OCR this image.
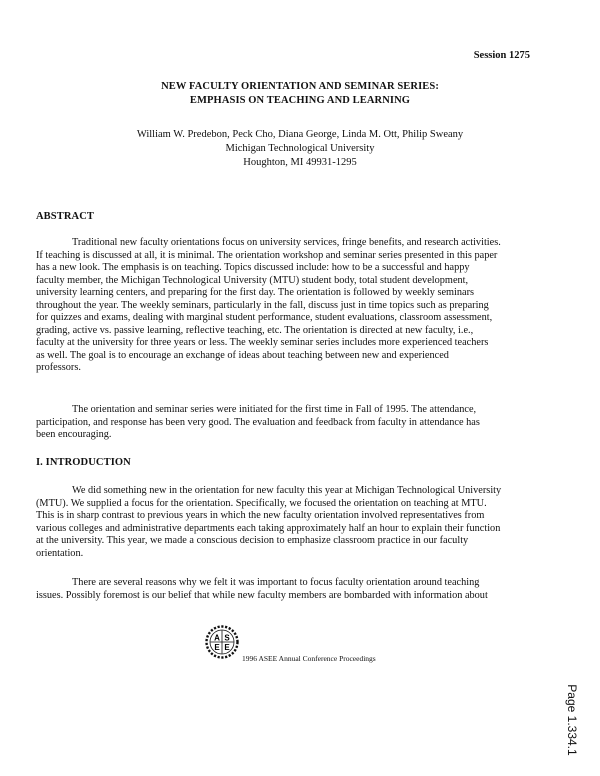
Session 1275
NEW FACULTY ORIENTATION AND SEMINAR SERIES:
EMPHASIS ON TEACHING AND LEARNING
William W. Predebon, Peck Cho, Diana George, Linda M. Ott, Philip Sweany
Michigan Technological University
Houghton, MI 49931-1295
ABSTRACT

Traditional new faculty orientations focus on university services, fringe benefits, and research activities.
If teaching is discussed at all, it is minimal. The orientation workshop and seminar series presented in this paper
has a new look. The emphasis is on teaching. Topics discussed include: how to be a successful and happy
faculty member, the Michigan Technological University (MTU) student body, total student development,
university learning centers, and preparing for the first day. The orientation is followed by weekly seminars
throughout the year. The weekly seminars, particularly in the fall, discuss just in time topics such as preparing
for quizzes and exams, dealing with marginal student performance, student evaluations, classroom assessment,
grading, active vs. passive learning, reflective teaching, etc. The orientation is directed at new faculty, i.e.,
faculty at the university for three years or less. The weekly seminar series includes more experienced teachers
as well. The goal is to encourage an exchange of ideas about teaching between new and experienced
professors.

The orientation and seminar series were initiated for the first time in Fall of 1995. The attendance,
participation, and response has been very good. The evaluation and feedback from faculty in attendance has
been encouraging.

I. INTRODUCTION

We did something new in the orientation for new faculty this year at Michigan Technological University
(MTU). We supplied a focus for the orientation. Specifically, we focused the orientation on teaching at MTU.
This is in sharp contrast to previous years in which the new faculty orientation involved representatives from
various colleges and administrative departments each taking approximately half an hour to explain their function
at the university. This year, we made a conscious decision to emphasize classroom practice in our faculty
orientation.

There are several reasons why we felt it was important to focus faculty orientation around teaching
issues. Possibly foremost is our belief that while new faculty members are bombarded with information about

A S
E E
1996 ASEE Annual Conference Proceedings
Page 1.334.1
